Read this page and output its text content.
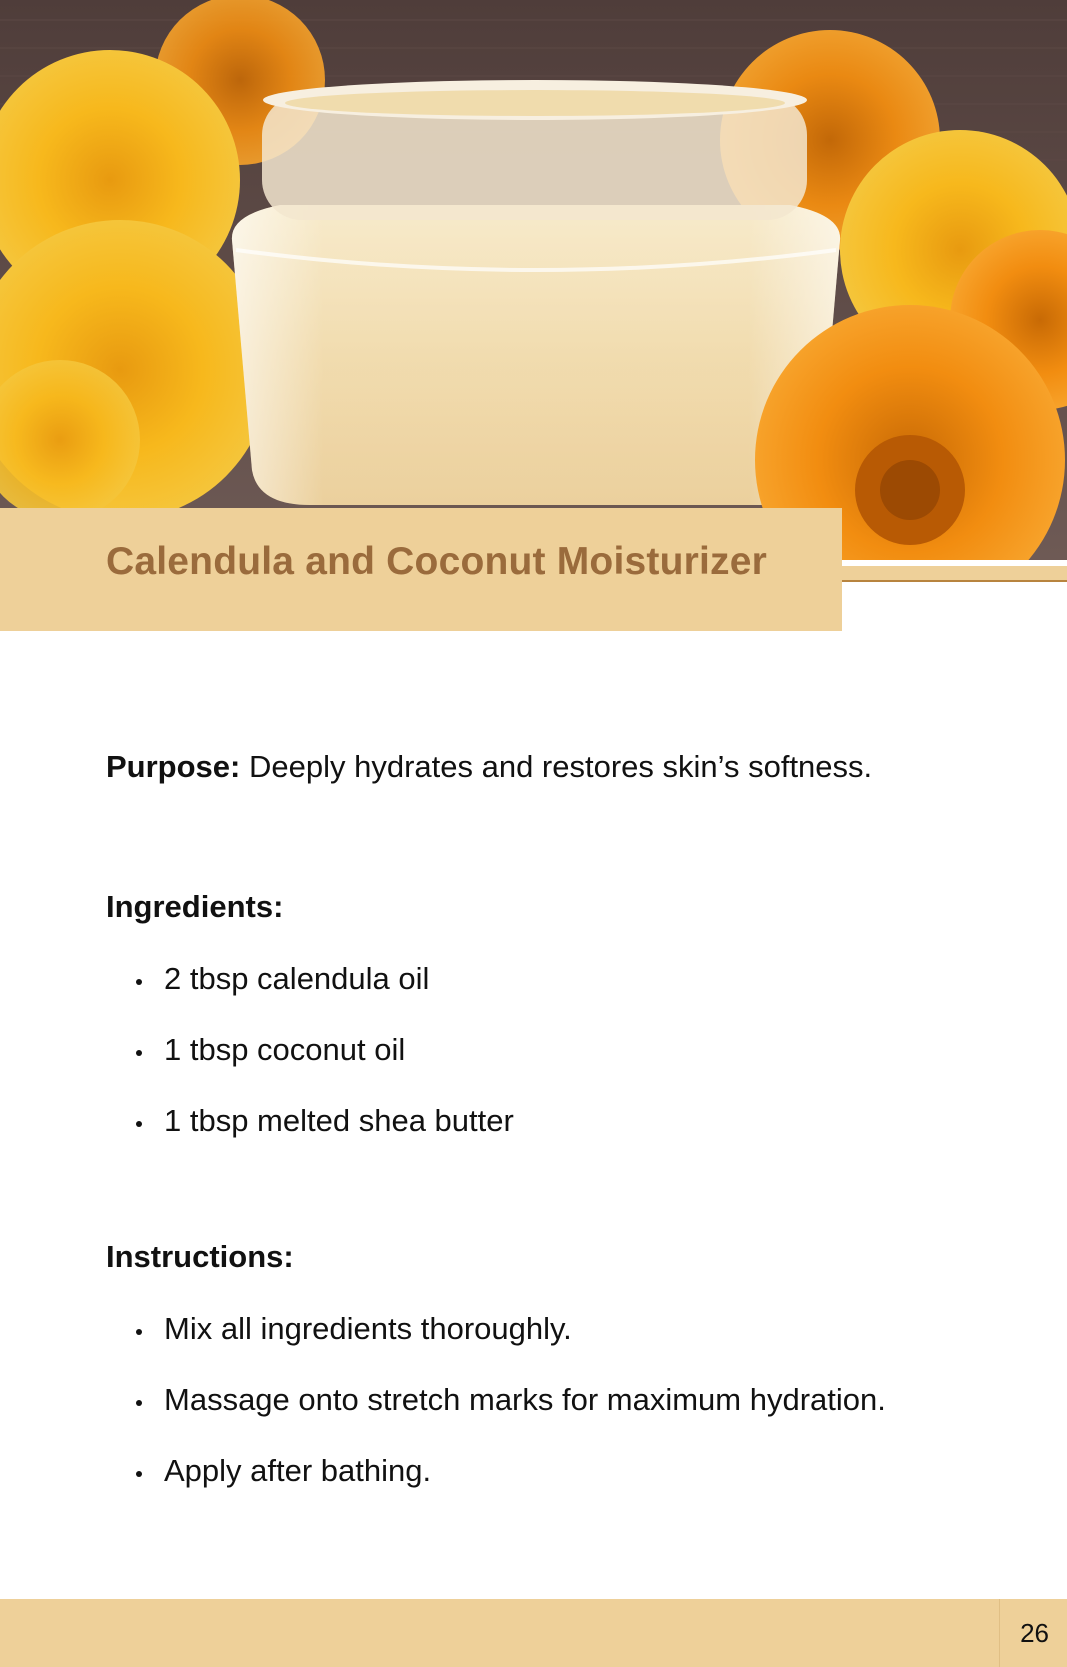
Calendula and Coconut Moisturizer

Purpose: Deeply hydrates and restores skin’s softness.

Ingredients:
2 tbsp calendula oil
1 tbsp coconut oil
1 tbsp melted shea butter
Instructions:
Mix all ingredients thoroughly.
Massage onto stretch marks for maximum hydration.
Apply after bathing.
26
